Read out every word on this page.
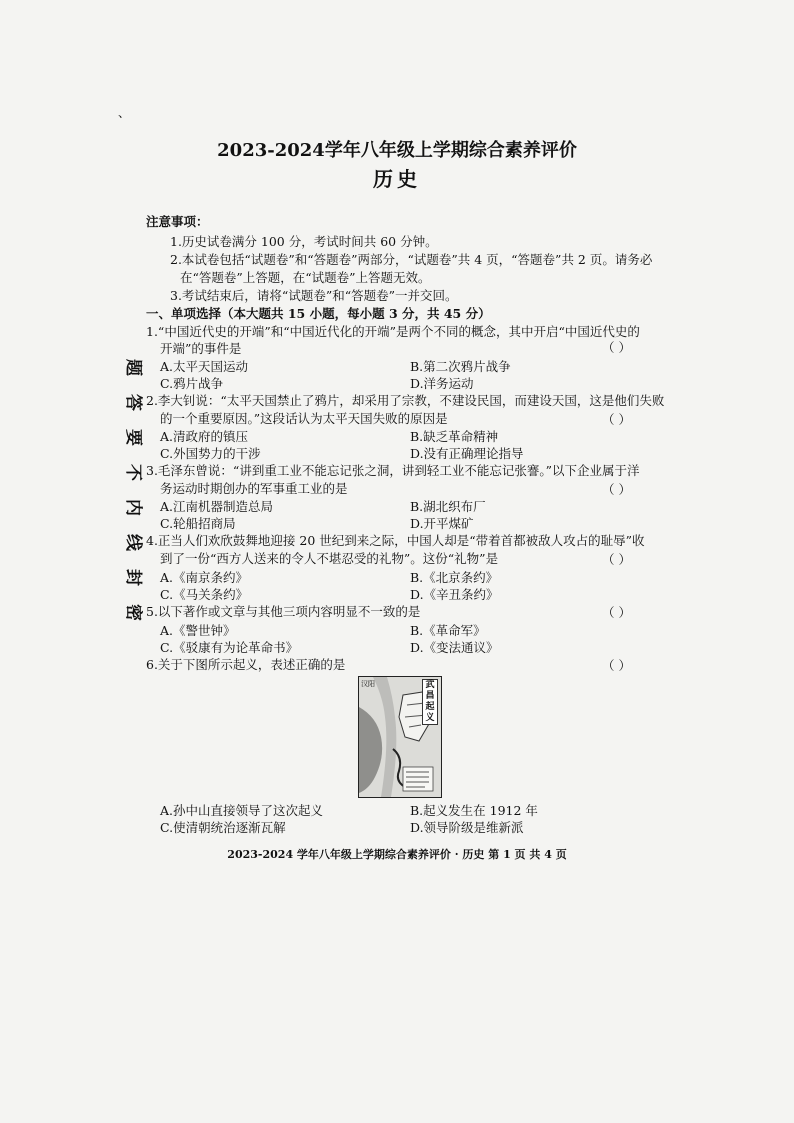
、
题
答
要
不
内
线
封
密
2023-2024学年八年级上学期综合素养评价
历史
注意事项：
1.历史试卷满分 100 分，考试时间共 60 分钟。
2.本试卷包括“试题卷”和“答题卷”两部分，“试题卷”共 4 页，“答题卷”共 2 页。请务必
在“答题卷”上答题，在“试题卷”上答题无效。
3.考试结束后，请将“试题卷”和“答题卷”一并交回。
一、单项选择（本大题共 15 小题，每小题 3 分，共 45 分）
1.“中国近代史的开端”和“中国近代化的开端”是两个不同的概念，其中开启“中国近代史的
开端”的事件是	（ ）
A.太平天国运动	B.第二次鸦片战争
C.鸦片战争	D.洋务运动
2.李大钊说：“太平天国禁止了鸦片，却采用了宗教，不建设民国，而建设天国，这是他们失败
的一个重要原因。”这段话认为太平天国失败的原因是	（ ）
A.清政府的镇压	B.缺乏革命精神
C.外国势力的干涉	D.没有正确理论指导
3.毛泽东曾说：“讲到重工业不能忘记张之洞，讲到轻工业不能忘记张謇。”以下企业属于洋
务运动时期创办的军事重工业的是	（ ）
A.江南机器制造总局	B.湖北织布厂
C.轮船招商局	D.开平煤矿
4.正当人们欢欣鼓舞地迎接 20 世纪到来之际，中国人却是“带着首都被敌人攻占的耻辱”收
到了一份“西方人送来的令人不堪忍受的礼物”。这份“礼物”是	（ ）
A.《南京条约》	B.《北京条约》
C.《马关条约》	D.《辛丑条约》
5.以下著作或文章与其他三项内容明显不一致的是	（ ）
A.《警世钟》	B.《革命军》
C.《驳康有为论革命书》	D.《变法通议》
6.关于下图所示起义，表述正确的是	（ ）
汉阳	武昌起义
A.孙中山直接领导了这次起义	B.起义发生在 1912 年
C.使清朝统治逐渐瓦解	D.领导阶级是维新派
2023-2024 学年八年级上学期综合素养评价 · 历史 第 1 页 共 4 页
